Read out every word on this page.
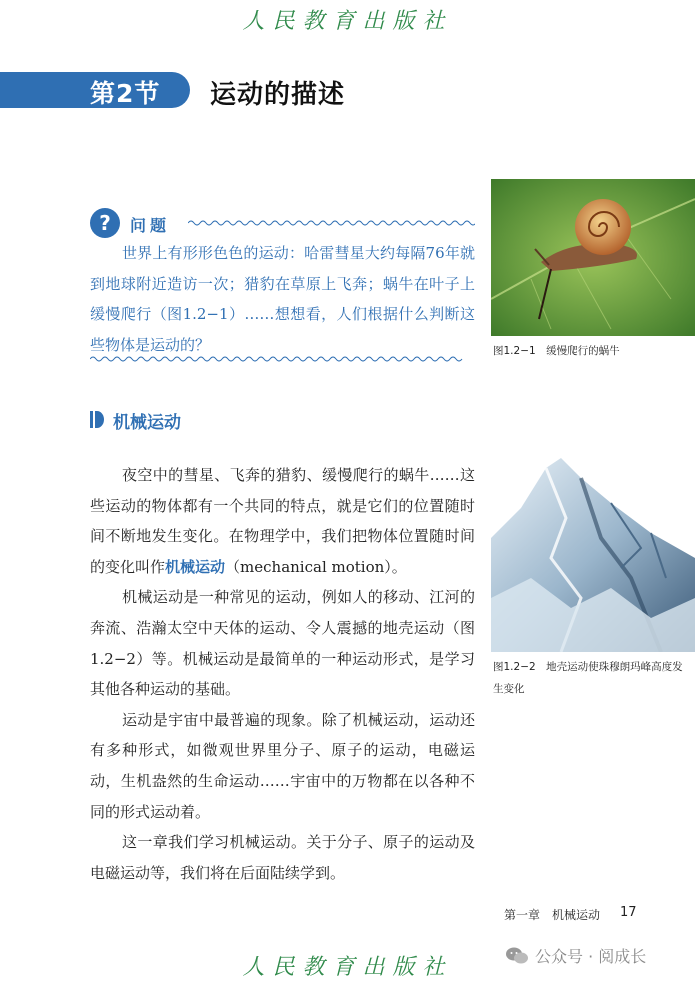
人民教育出版社
第2节 运动的描述
?	问题
世界上有形形色色的运动：哈雷彗星大约每隔76年就到地球附近造访一次；猎豹在草原上飞奔；蜗牛在叶子上缓慢爬行（图1.2−1）……想想看，人们根据什么判断这些物体是运动的？
机械运动

夜空中的彗星、飞奔的猎豹、缓慢爬行的蜗牛……这些运动的物体都有一个共同的特点，就是它们的位置随时间不断地发生变化。在物理学中，我们把物体位置随时间的变化叫作机械运动（mechanical motion）。

机械运动是一种常见的运动，例如人的移动、江河的奔流、浩瀚太空中天体的运动、令人震撼的地壳运动（图1.2−2）等。机械运动是最简单的一种运动形式，是学习其他各种运动的基础。

运动是宇宙中最普遍的现象。除了机械运动，运动还有多种形式，如微观世界里分子、原子的运动，电磁运动，生机盎然的生命运动……宇宙中的万物都在以各种不同的形式运动着。

这一章我们学习机械运动。关于分子、原子的运动及电磁运动等，我们将在后面陆续学到。

图1.2−1　缓慢爬行的蜗牛
图1.2−2　地壳运动使珠穆朗玛峰高度发生变化
第一章　机械运动 17
公众号 · 阅成长
人民教育出版社
